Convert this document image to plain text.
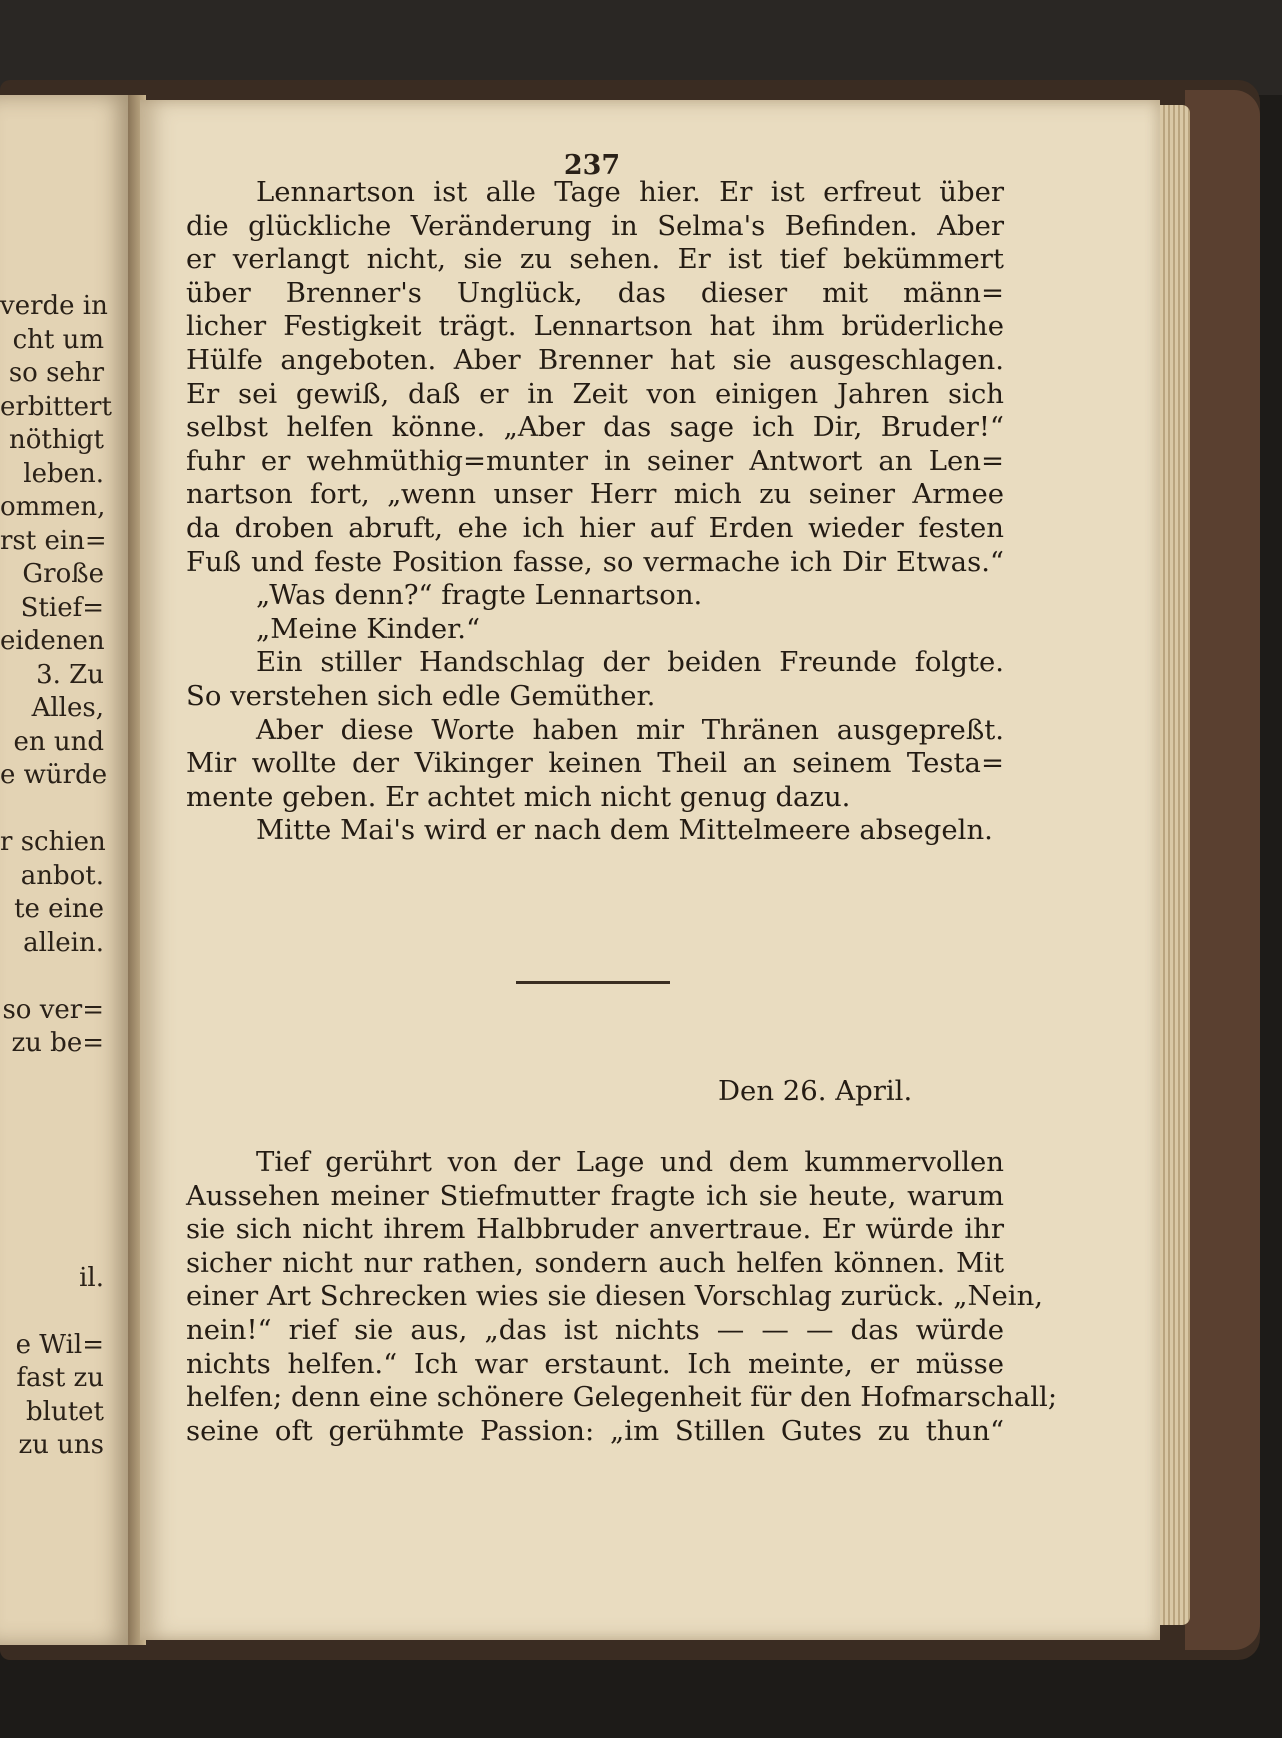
verde in
cht um
so sehr
erbittert
nöthigt
leben.
ommen,
rst ein=
Große
Stief=
eidenen
3. Zu
Alles,
en und
e würde
r schien
anbot.
te eine
allein.
so ver=
zu be=
il.
e Wil=
fast zu
blutet
zu uns
237
Lennartson ist alle Tage hier. Er ist erfreut über
die glückliche Veränderung in Selma's Befinden. Aber
er verlangt nicht, sie zu sehen. Er ist tief bekümmert
über Brenner's Unglück, das dieser mit männ=
licher Festigkeit trägt. Lennartson hat ihm brüderliche
Hülfe angeboten. Aber Brenner hat sie ausgeschlagen.
Er sei gewiß, daß er in Zeit von einigen Jahren sich
selbst helfen könne. „Aber das sage ich Dir, Bruder!“
fuhr er wehmüthig=munter in seiner Antwort an Len=
nartson fort, „wenn unser Herr mich zu seiner Armee
da droben abruft, ehe ich hier auf Erden wieder festen
Fuß und feste Position fasse, so vermache ich Dir Etwas.“
„Was denn?“ fragte Lennartson.
„Meine Kinder.“
Ein stiller Handschlag der beiden Freunde folgte.
So verstehen sich edle Gemüther.
Aber diese Worte haben mir Thränen ausgepreßt.
Mir wollte der Vikinger keinen Theil an seinem Testa=
mente geben. Er achtet mich nicht genug dazu.
Mitte Mai's wird er nach dem Mittelmeere absegeln.
Den 26. April.
Tief gerührt von der Lage und dem kummervollen
Aussehen meiner Stiefmutter fragte ich sie heute, warum
sie sich nicht ihrem Halbbruder anvertraue. Er würde ihr
sicher nicht nur rathen, sondern auch helfen können. Mit
einer Art Schrecken wies sie diesen Vorschlag zurück. „Nein,
nein!“ rief sie aus, „das ist nichts — — — das würde
nichts helfen.“ Ich war erstaunt. Ich meinte, er müsse
helfen; denn eine schönere Gelegenheit für den Hofmarschall;
seine oft gerühmte Passion: „im Stillen Gutes zu thun“
